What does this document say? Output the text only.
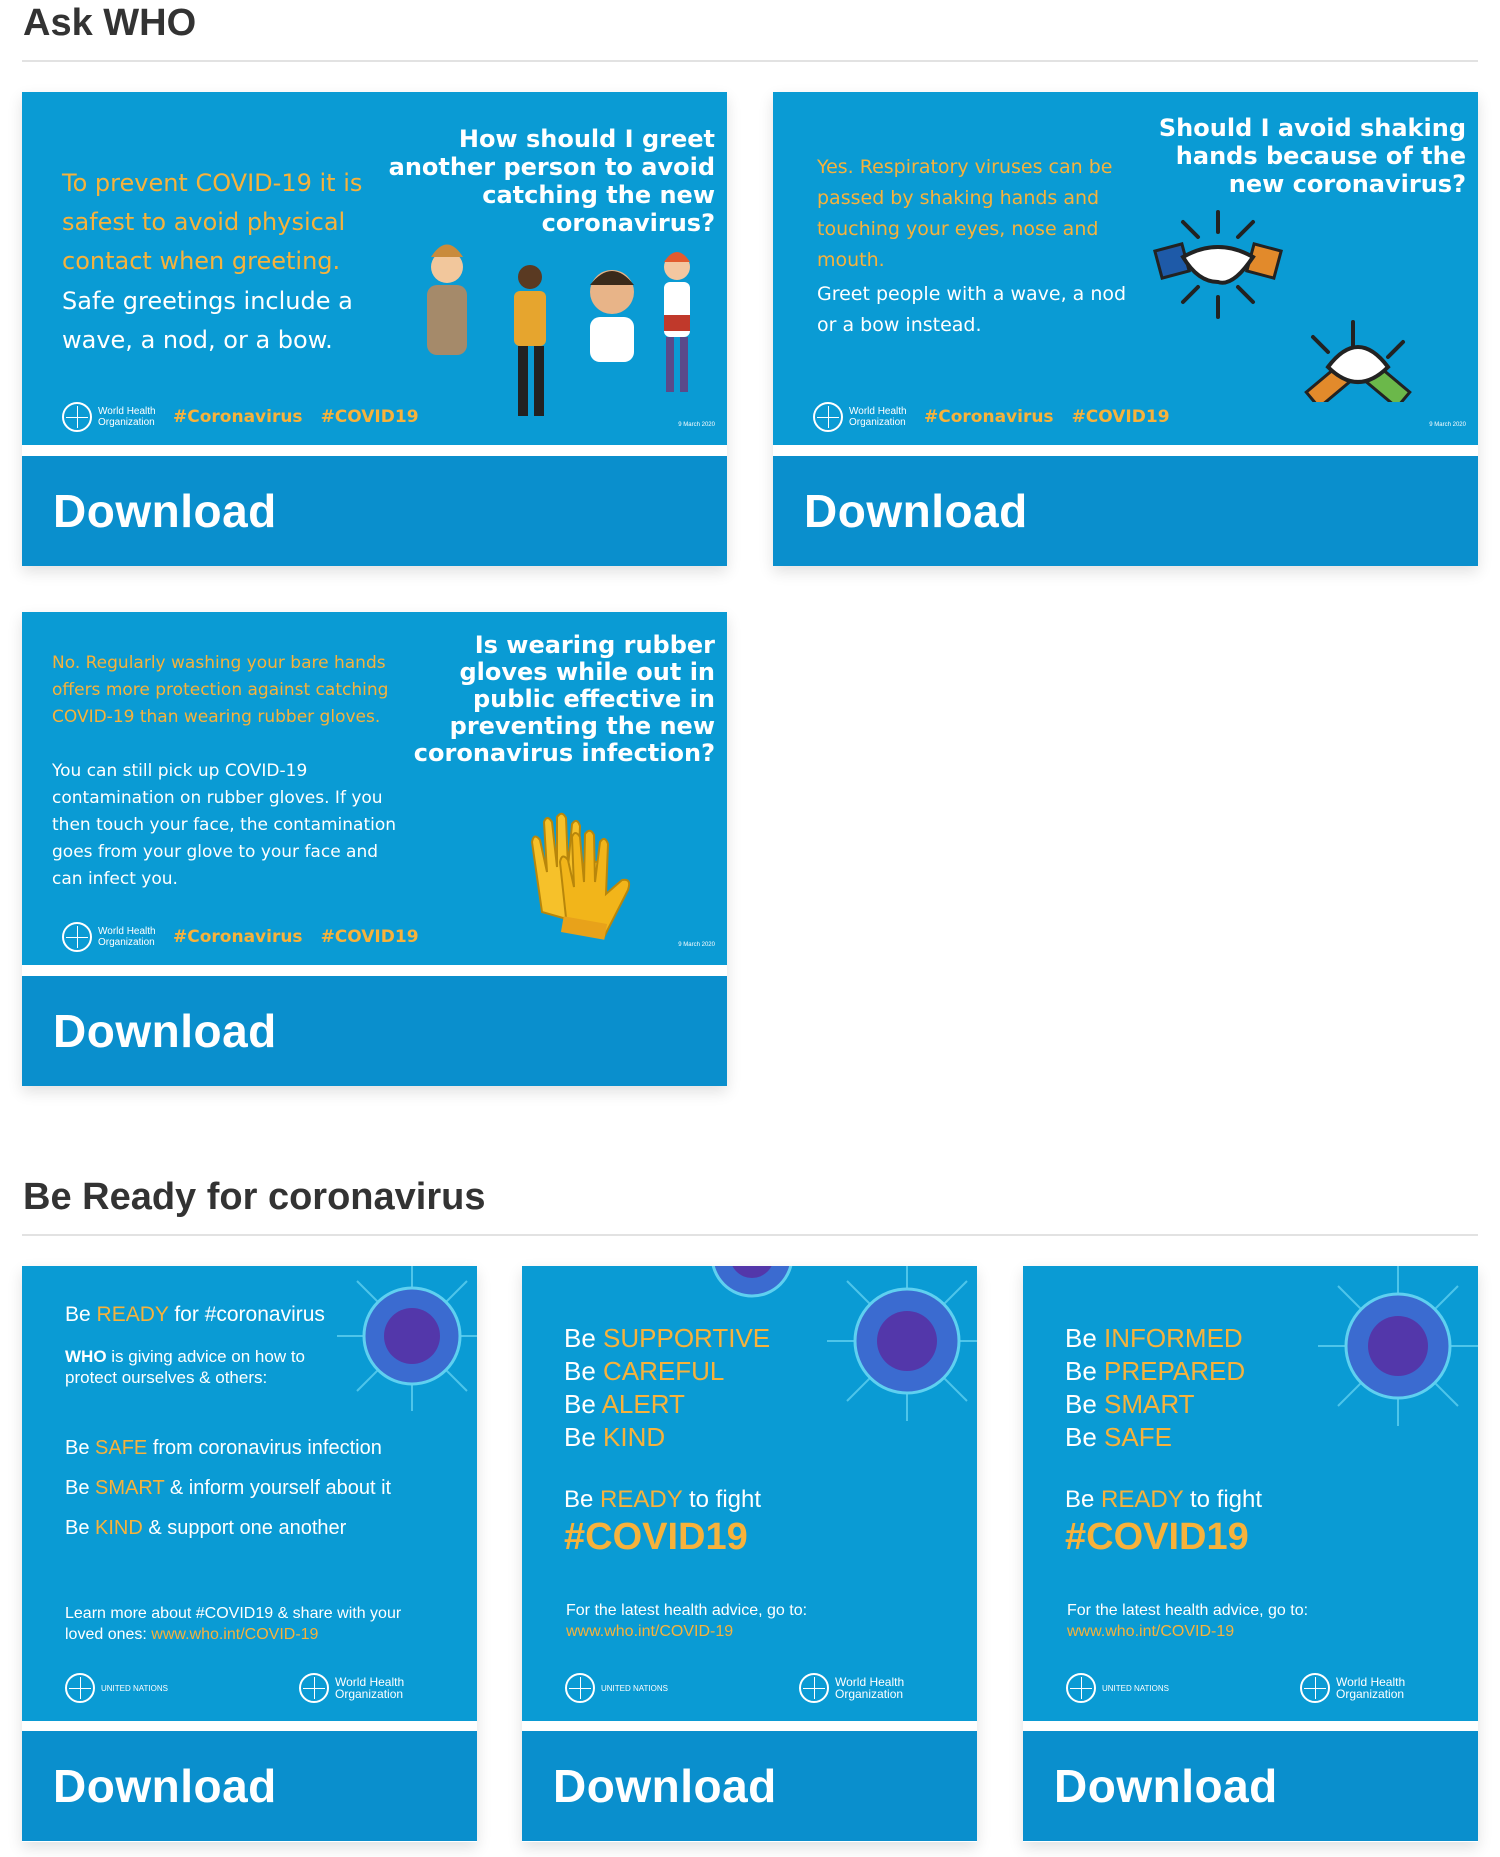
Ask WHO
How should I greet another person to avoid catching the new coronavirus?
To prevent COVID-19 it is safest to avoid physical contact when greeting.
Safe greetings include a wave, a nod, or a bow.
World Health Organization #Coronavirus #COVID19	9 March 2020
Download
Should I avoid shaking hands because of the new coronavirus?
Yes. Respiratory viruses can be passed by shaking hands and touching your eyes, nose and mouth.
Greet people with a wave, a nod or a bow instead.
World Health Organization #Coronavirus #COVID19	9 March 2020
Download
Is wearing rubber gloves while out in public effective in preventing the new coronavirus infection?
No. Regularly washing your bare hands offers more protection against catching COVID-19 than wearing rubber gloves.
You can still pick up COVID-19 contamination on rubber gloves. If you then touch your face, the contamination goes from your glove to your face and can infect you.
World Health Organization #Coronavirus #COVID19	9 March 2020
Download
Be Ready for coronavirus
Be READY for #coronavirus
WHO is giving advice on how to protect ourselves & others:
Be SAFE from coronavirus infection
Be SMART & inform yourself about it
Be KIND & support one another
Learn more about #COVID19 & share with your loved ones: www.who.int/COVID-19
UNITED NATIONS	World Health Organization
Download
Be SUPPORTIVE
Be CAREFUL
Be ALERT
Be KIND
Be READY to fight
#COVID19
For the latest health advice, go to:
www.who.int/COVID-19
UNITED NATIONS	World Health Organization
Download
Be INFORMED
Be PREPARED
Be SMART
Be SAFE
Be READY to fight
#COVID19
For the latest health advice, go to:
www.who.int/COVID-19
UNITED NATIONS	World Health Organization
Download
